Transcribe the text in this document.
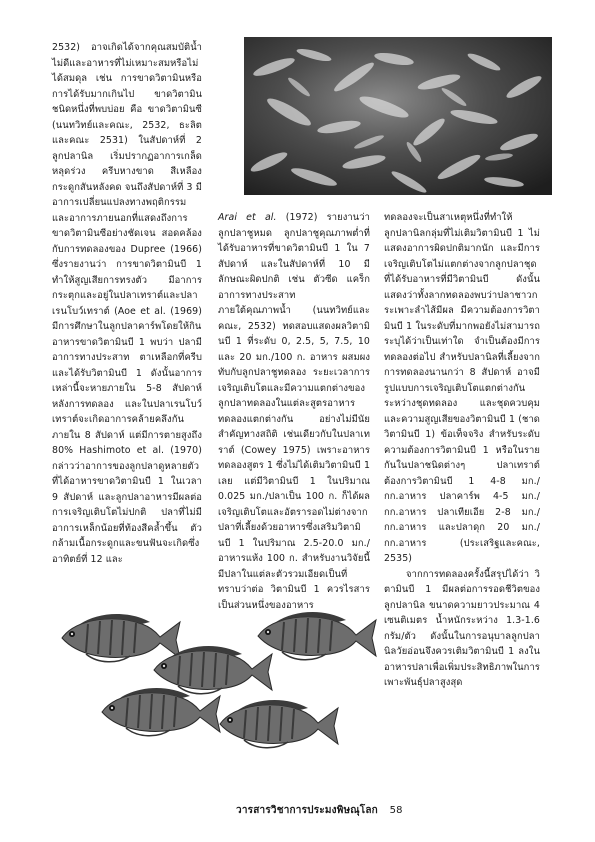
2532) อาจเกิดได้จากคุณสมบัติน้ำไม่ดีและอาหารที่ไม่เหมาะสมหรือไม่ได้สมดุล เช่น การขาดวิตามินหรือการได้รับมากเกินไป ขาดวิตามินชนิดหนึ่งที่พบบ่อย คือ ขาดวิตามินซี (นนทวิทย์และคณะ, 2532, ธะลิตและคณะ 2531) ในสัปดาห์ที่ 2 ลูกปลานิล เริ่มปรากฏอาการเกล็ดหลุดร่วง ครีบหางขาด สีเหลือง กระดูกสันหลังคด จนถึงสัปดาห์ที่ 3 มีอาการเปลี่ยนแปลงทางพฤติกรรม และอาการภายนอกที่แสดงถึงการขาดวิตามินซีอย่างชัดเจน สอดคล้องกับการทดลองของ Dupree (1966) ซึ่งรายงานว่า การขาดวิตามินบี 1 ทำให้สูญเสียการทรงตัว มีอาการกระตุกและอยู่ในปลาเทราต์และปลาเรนโบว์เทราต์ (Aoe et al. (1969) มีการศึกษาในลูกปลาคาร์พโดยให้กินอาหารขาดวิตามินบี 1 พบว่า ปลามีอาการทางประสาท ตาเหลือกที่ครีบและได้รับวิตามินบี 1 ดังนั้นอาการเหล่านี้จะหายภายใน 5-8 สัปดาห์หลังการทดลอง และในปลาเรนโบว์เทราต์จะเกิดอาการคล้ายคลึงกันภายใน 8 สัปดาห์ แต่มีการตายสูงถึง 80% Hashimoto et al. (1970) กล่าวว่าอาการของลูกปลาดูหลายตัวที่ได้อาหารขาดวิตามินบี 1 ในเวลา 9 สัปดาห์ และลูกปลาอาหารมีผลต่อการเจริญเติบโตไม่ปกติ ปลาที่ไม่มีอาการเหล็กน้อยที่ท้องสีคล้ำขึ้น ตัวกล้ามเนื้อกระดูกและขนฟันจะเกิดซึ่งอาทิตย์ที่ 12 และ

Arai et al. (1972) รายงานว่า ลูกปลาชูหมด ลูกปลาชูคุณภาพต่ำที่ ได้รับอาหารที่ขาดวิตามินบี 1 ใน 7 สัปดาห์ และในสัปดาห์ที่ 10 มีลักษณะผิดปกติ เช่น ตัวซีด แคร็ก อาการทางประสาท

ภายใต้คุณภาพน้ำ (นนทวิทย์และคณะ, 2532) ทดสอบแสดงผลวิตามินบี 1 ที่ระดับ 0, 2.5, 5, 7.5, 10 และ 20 มก./100 ก. อาหาร ผสมผงทับกับลูกปลาชูทดลอง ระยะเวลาการเจริญเติบโตและมีความแตกต่างของลูกปลาทดลองในแต่ละสูตรอาหารทดลองแตกต่างกัน อย่างไม่มีนัยสำคัญทางสถิติ เช่นเดียวกับในปลาเทราต์ (Cowey 1975) เพราะอาหารทดลองสูตร 1 ซึ่งไม่ได้เติมวิตามินบี 1 เลย แต่มีวิตามินบี 1 ในปริมาณ 0.025 มก./ปลาเป็น 100 ก. ก็ได้ผลเจริญเติบโตและอัตรารอดไม่ต่างจากปลาที่เลี้ยงด้วยอาหารซึ่งเสริมวิตามินบี 1 ในปริมาณ 2.5-20.0 มก./อาหารแห้ง 100 ก. สำหรับงานวิจัยนี้ มีปลาในแต่ละตัวรวมเอียดเป็นที่ทราบว่าต่อ วิตามินบี 1 ควรไรสาร เป็นส่วนหนึ่งของอาหาร

ทดลองจะเป็นสาเหตุหนึ่งที่ทำให้ลูกปลานิลกลุ่มที่ไม่เติมวิตามินบี 1 ไม่แสดงอาการผิดปกติมากนัก และมีการเจริญเติบโตไม่แตกต่างจากลูกปลาชุดที่ได้รับอาหารที่มีวิตามินบี ดังนั้น แสดงว่าทั้งลากทดลองพบว่าปลาชาวกระเพาะลำไส้มีผล มีความต้องการวิตามินบี 1 ในระดับที่มากพอยังไม่สามารถระบุได้ว่าเป็นเท่าใด จำเป็นต้องมีการทดลองต่อไป สำหรับปลานิลที่เลี้ยงจากการทดลองนานกว่า 8 สัปดาห์ อาจมีรูปแบบการเจริญเติบโตแตกต่างกันระหว่างชุดทดลอง และชุดควบคุม และความสูญเสียของวิตามินบี 1 (ชาดวิตามินบี 1) ข้อเท็จจริง สำหรับระดับความต้องการวิตามินบี 1 หรือในรายกันในปลาชนิดต่างๆ ปลาเทราต์ต้องการวิตามินบี 1 4-8 มก./กก.อาหาร ปลาคาร์พ 4-5 มก./กก.อาหาร ปลาเทียเอีย 2-8 มก./กก.อาหาร และปลาดุก 20 มก./กก.อาหาร (ประเสริฐและคณะ, 2535)

จากการทดลองครั้งนี้สรุปได้ว่า วิตามินบี 1 มีผลต่อการรอดชีวิตของลูกปลานิล ขนาดความยาวประมาณ 4 เซนติเมตร น้ำหนักระหว่าง 1.3-1.6 กรัม/ตัว ดังนั้นในการอนุบาลลูกปลานิลวัยอ่อนจึงควรเติมวิตามินบี 1 ลงในอาหารปลาเพื่อเพิ่มประสิทธิภาพในการเพาะพันธุ์ปลาสูงสุด

วารสารวิชาการประมงพิษณุโลก 58
